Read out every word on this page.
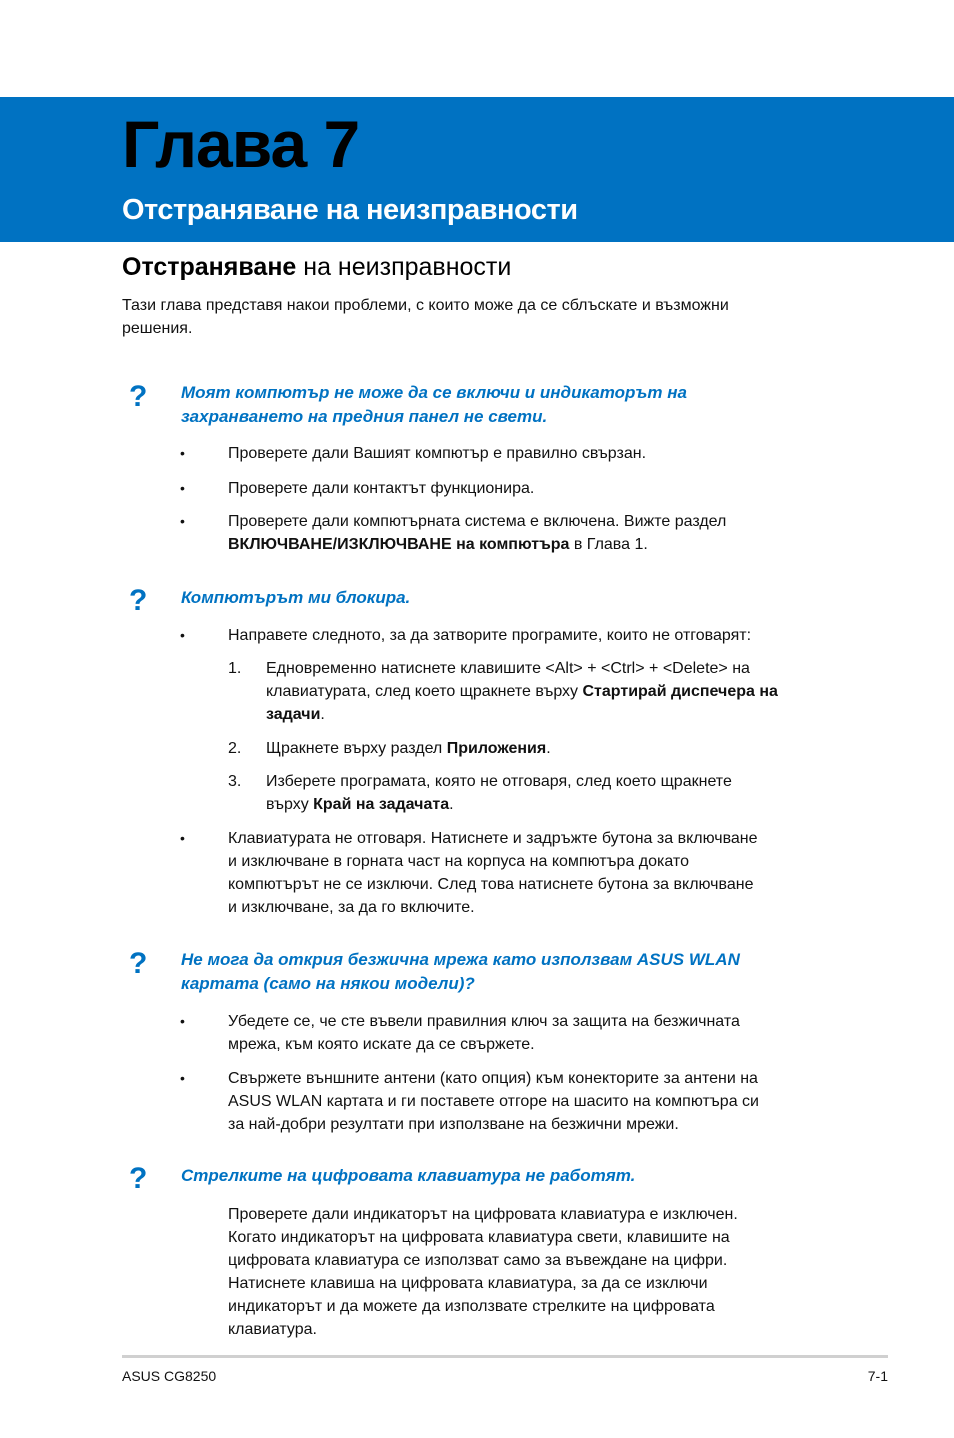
Глава 7
Отстраняване на неизправности
Отстраняване на неизправности

Тази глава представя накои проблеми, с които може да се сблъскате и възможни
решения.

? Моят компютър не може да се включи и индикаторът на
захранването на предния панел не свети.

•	Проверете дали Вашият компютър е правилно свързан.

•	Проверете дали контактът функционира.

•	Проверете дали компютърната система е включена. Вижте раздел
ВКЛЮЧВАНЕ/ИЗКЛЮЧВАНЕ на компютъра в Глава 1.

? Компютърът ми блокира.

•	Направете следното, за да затворите програмите, които не отговарят:

1. Едновременно натиснете клавишите <Alt> + <Ctrl> + <Delete> на
клавиатурата, след което щракнете върху Стартирай диспечера на
задачи.

2. Щракнете върху раздел Приложения.

3. Изберете програмата, която не отговаря, след което щракнете
върху Край на задачата.

•	Клавиатурата не отговаря. Натиснете и задръжте бутона за включване
и изключване в горната част на корпуса на компютъра докато
компютърът не се изключи. След това натиснете бутона за включване
и изключване, за да го включите.

? Не мога да открия безжична мрежа като използвам ASUS WLAN
картата (само на някои модели)?

•	Убедете се, че сте въвели правилния ключ за защита на безжичната
мрежа, към която искате да се свържете.

•	Свържете външните антени (като опция) към конекторите за антени на
ASUS WLAN картата и ги поставете отгоре на шасито на компютъра си
за най-добри резултати при използване на безжични мрежи.

? Стрелките на цифровата клавиатура не работят.

Проверете дали индикаторът на цифровата клавиатура е изключен.
Когато индикаторът на цифровата клавиатура свети, клавишите на
цифровата клавиатура се използват само за въвеждане на цифри.
Натиснете клавиша на цифровата клавиатура, за да се изключи
индикаторът и да можете да използвате стрелките на цифровата
клавиатура.

ASUS CG8250	7-1
